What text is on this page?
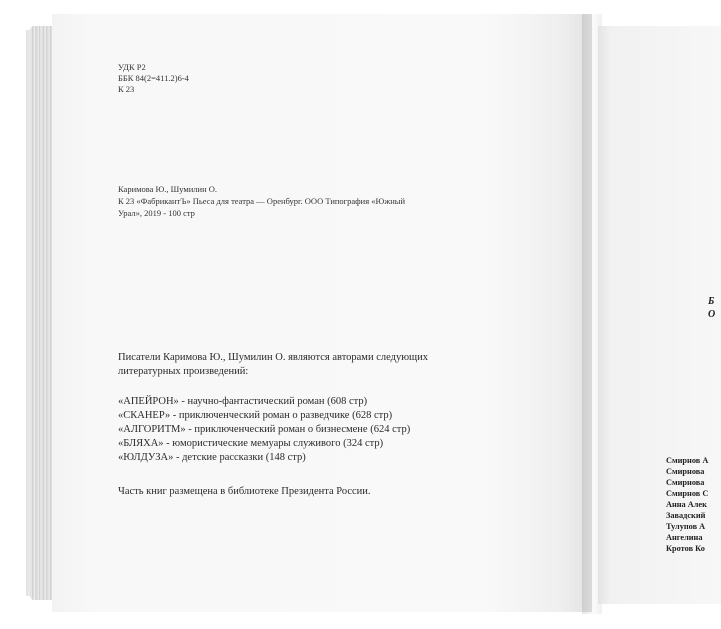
УДК Р2
ББК 84(2=411.2)6-4
К 23
Каримова Ю., Шумилин О.
К 23 «ФабрикантЪ» Пьеса для театра — Оренбург. ООО Типография «Южный
Урал», 2019 - 100 стр
Писатели Каримова Ю., Шумилин О. являются авторами следующих
литературных произведений:
«АПЕЙРОН» - научно-фантастический роман (608 стр)
«СКАНЕР» - приключенческий роман о разведчике (628 стр)
«АЛГОРИТМ» - приключенческий роман о бизнесмене (624 стр)
«БЛЯХА» - юмористические мемуары служивого (324 стр)
«ЮЛДУЗА» - детские рассказки (148 стр)
Часть книг размещена в библиотеке Президента России.
Б
О
Смирнов А
Смирнова
Смирнова
Смирнов С
Анна Алек
Завадский
Тулупов А
Ангелина
Кротов Ко
